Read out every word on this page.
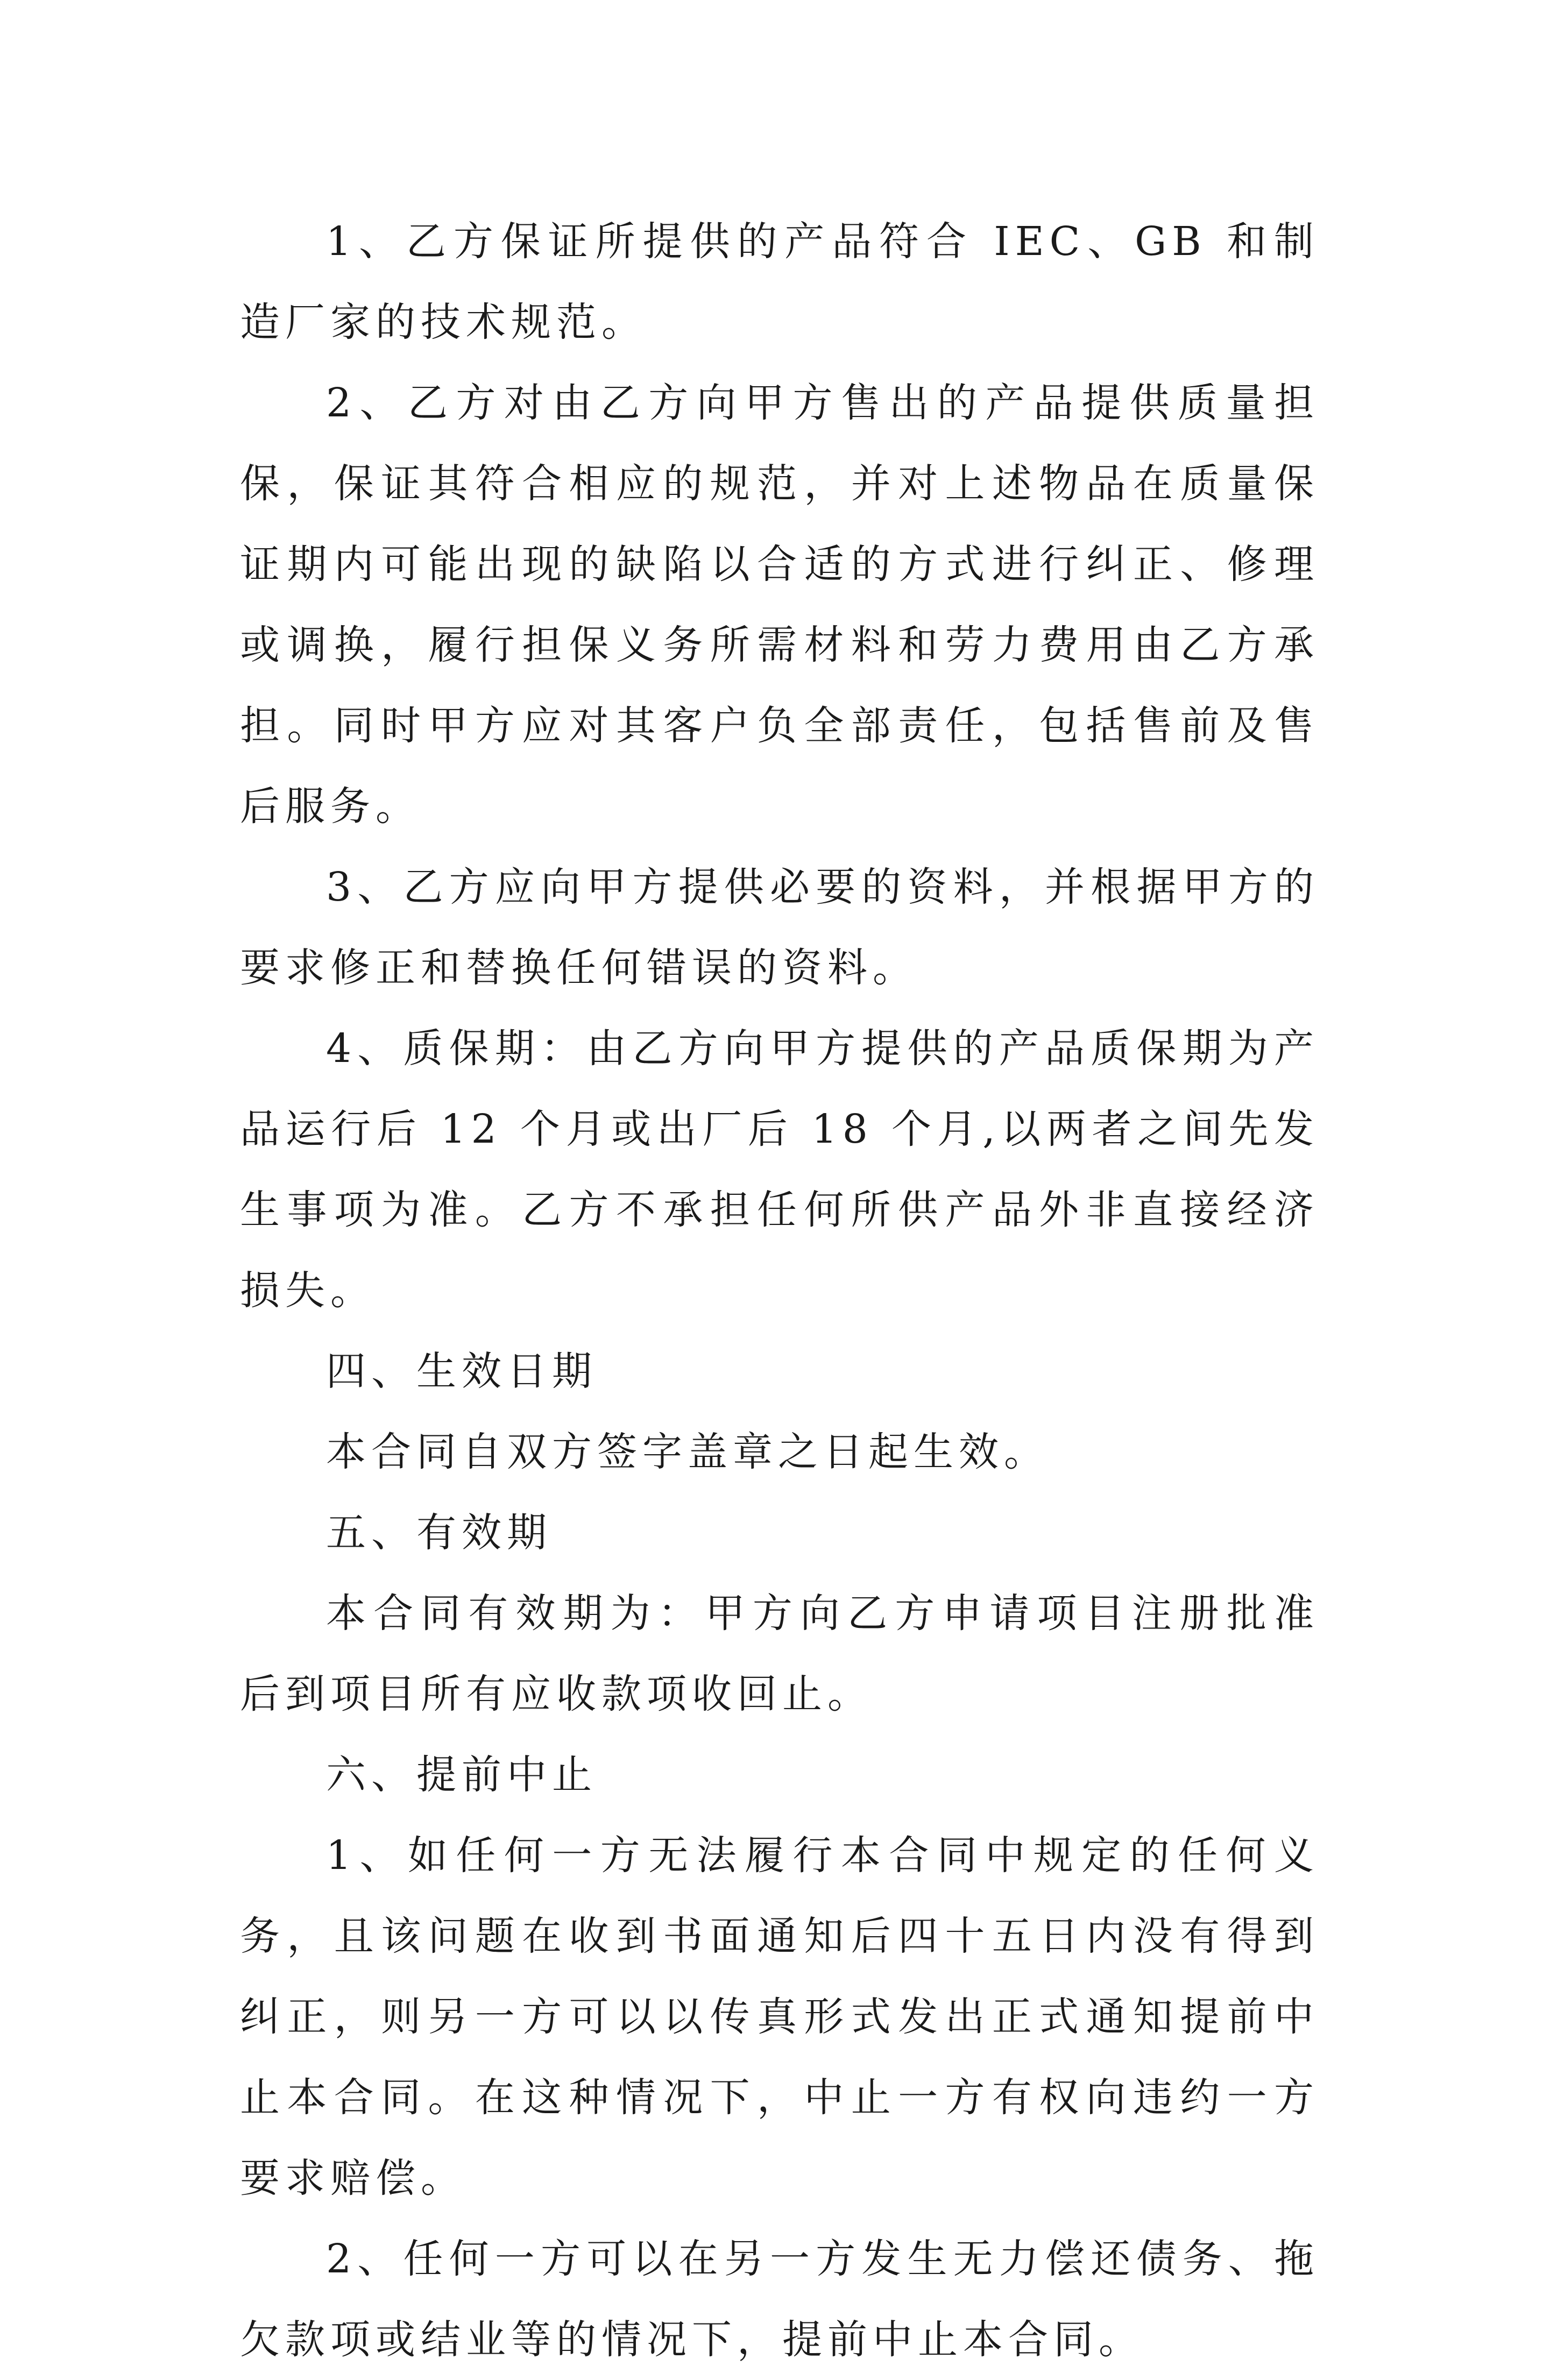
1、乙方保证所提供的产品符合 IEC、GB 和制造厂家的技术规范。

2、乙方对由乙方向甲方售出的产品提供质量担保，保证其符合相应的规范，并对上述物品在质量保证期内可能出现的缺陷以合适的方式进行纠正、修理或调换，履行担保义务所需材料和劳力费用由乙方承担。同时甲方应对其客户负全部责任，包括售前及售后服务。

3、乙方应向甲方提供必要的资料，并根据甲方的要求修正和替换任何错误的资料。

4、质保期：由乙方向甲方提供的产品质保期为产品运行后 12 个月或出厂后 18 个月,以两者之间先发生事项为准。乙方不承担任何所供产品外非直接经济损失。

四、生效日期

本合同自双方签字盖章之日起生效。

五、有效期

本合同有效期为：甲方向乙方申请项目注册批准后到项目所有应收款项收回止。

六、提前中止

1、如任何一方无法履行本合同中规定的任何义务，且该问题在收到书面通知后四十五日内没有得到纠正，则另一方可以以传真形式发出正式通知提前中止本合同。在这种情况下，中止一方有权向违约一方要求赔偿。

2、任何一方可以在另一方发生无力偿还债务、拖欠款项或结业等的情况下，提前中止本合同。
